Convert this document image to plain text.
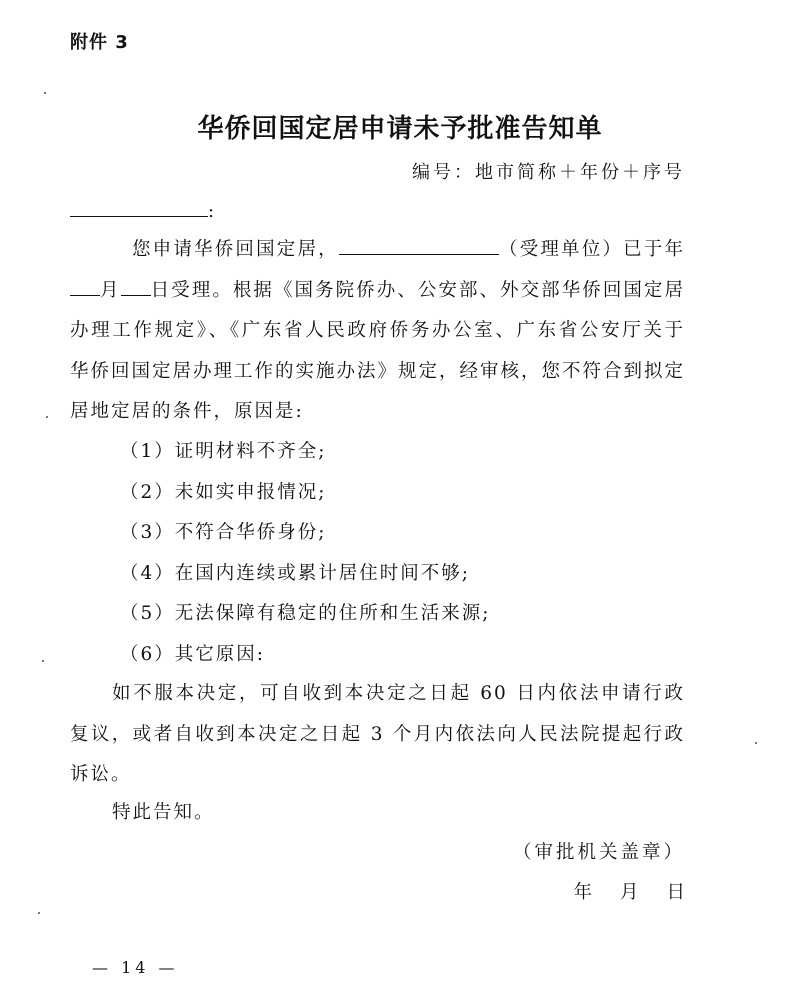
附件 3
华侨回国定居申请未予批准告知单
编号：地市简称＋年份＋序号
:
您申请华侨回国定居，	（受理单位）已于年月 日受理。根据《国务院侨办、公安部、外交部华侨回国定居办理工作规定》、《广东省人民政府侨务办公室、广东省公安厅关于华侨回国定居办理工作的实施办法》规定，经审核，您不符合到拟定居地定居的条件，原因是:
（1）证明材料不齐全;
（2）未如实申报情况;
（3）不符合华侨身份;
（4）在国内连续或累计居住时间不够;
（5）无法保障有稳定的住所和生活来源;
（6）其它原因:
如不服本决定，可自收到本决定之日起 60 日内依法申请行政复议，或者自收到本决定之日起 3 个月内依法向人民法院提起行政诉讼。
特此告知。
（审批机关盖章）
年 月 日
— 14 —
